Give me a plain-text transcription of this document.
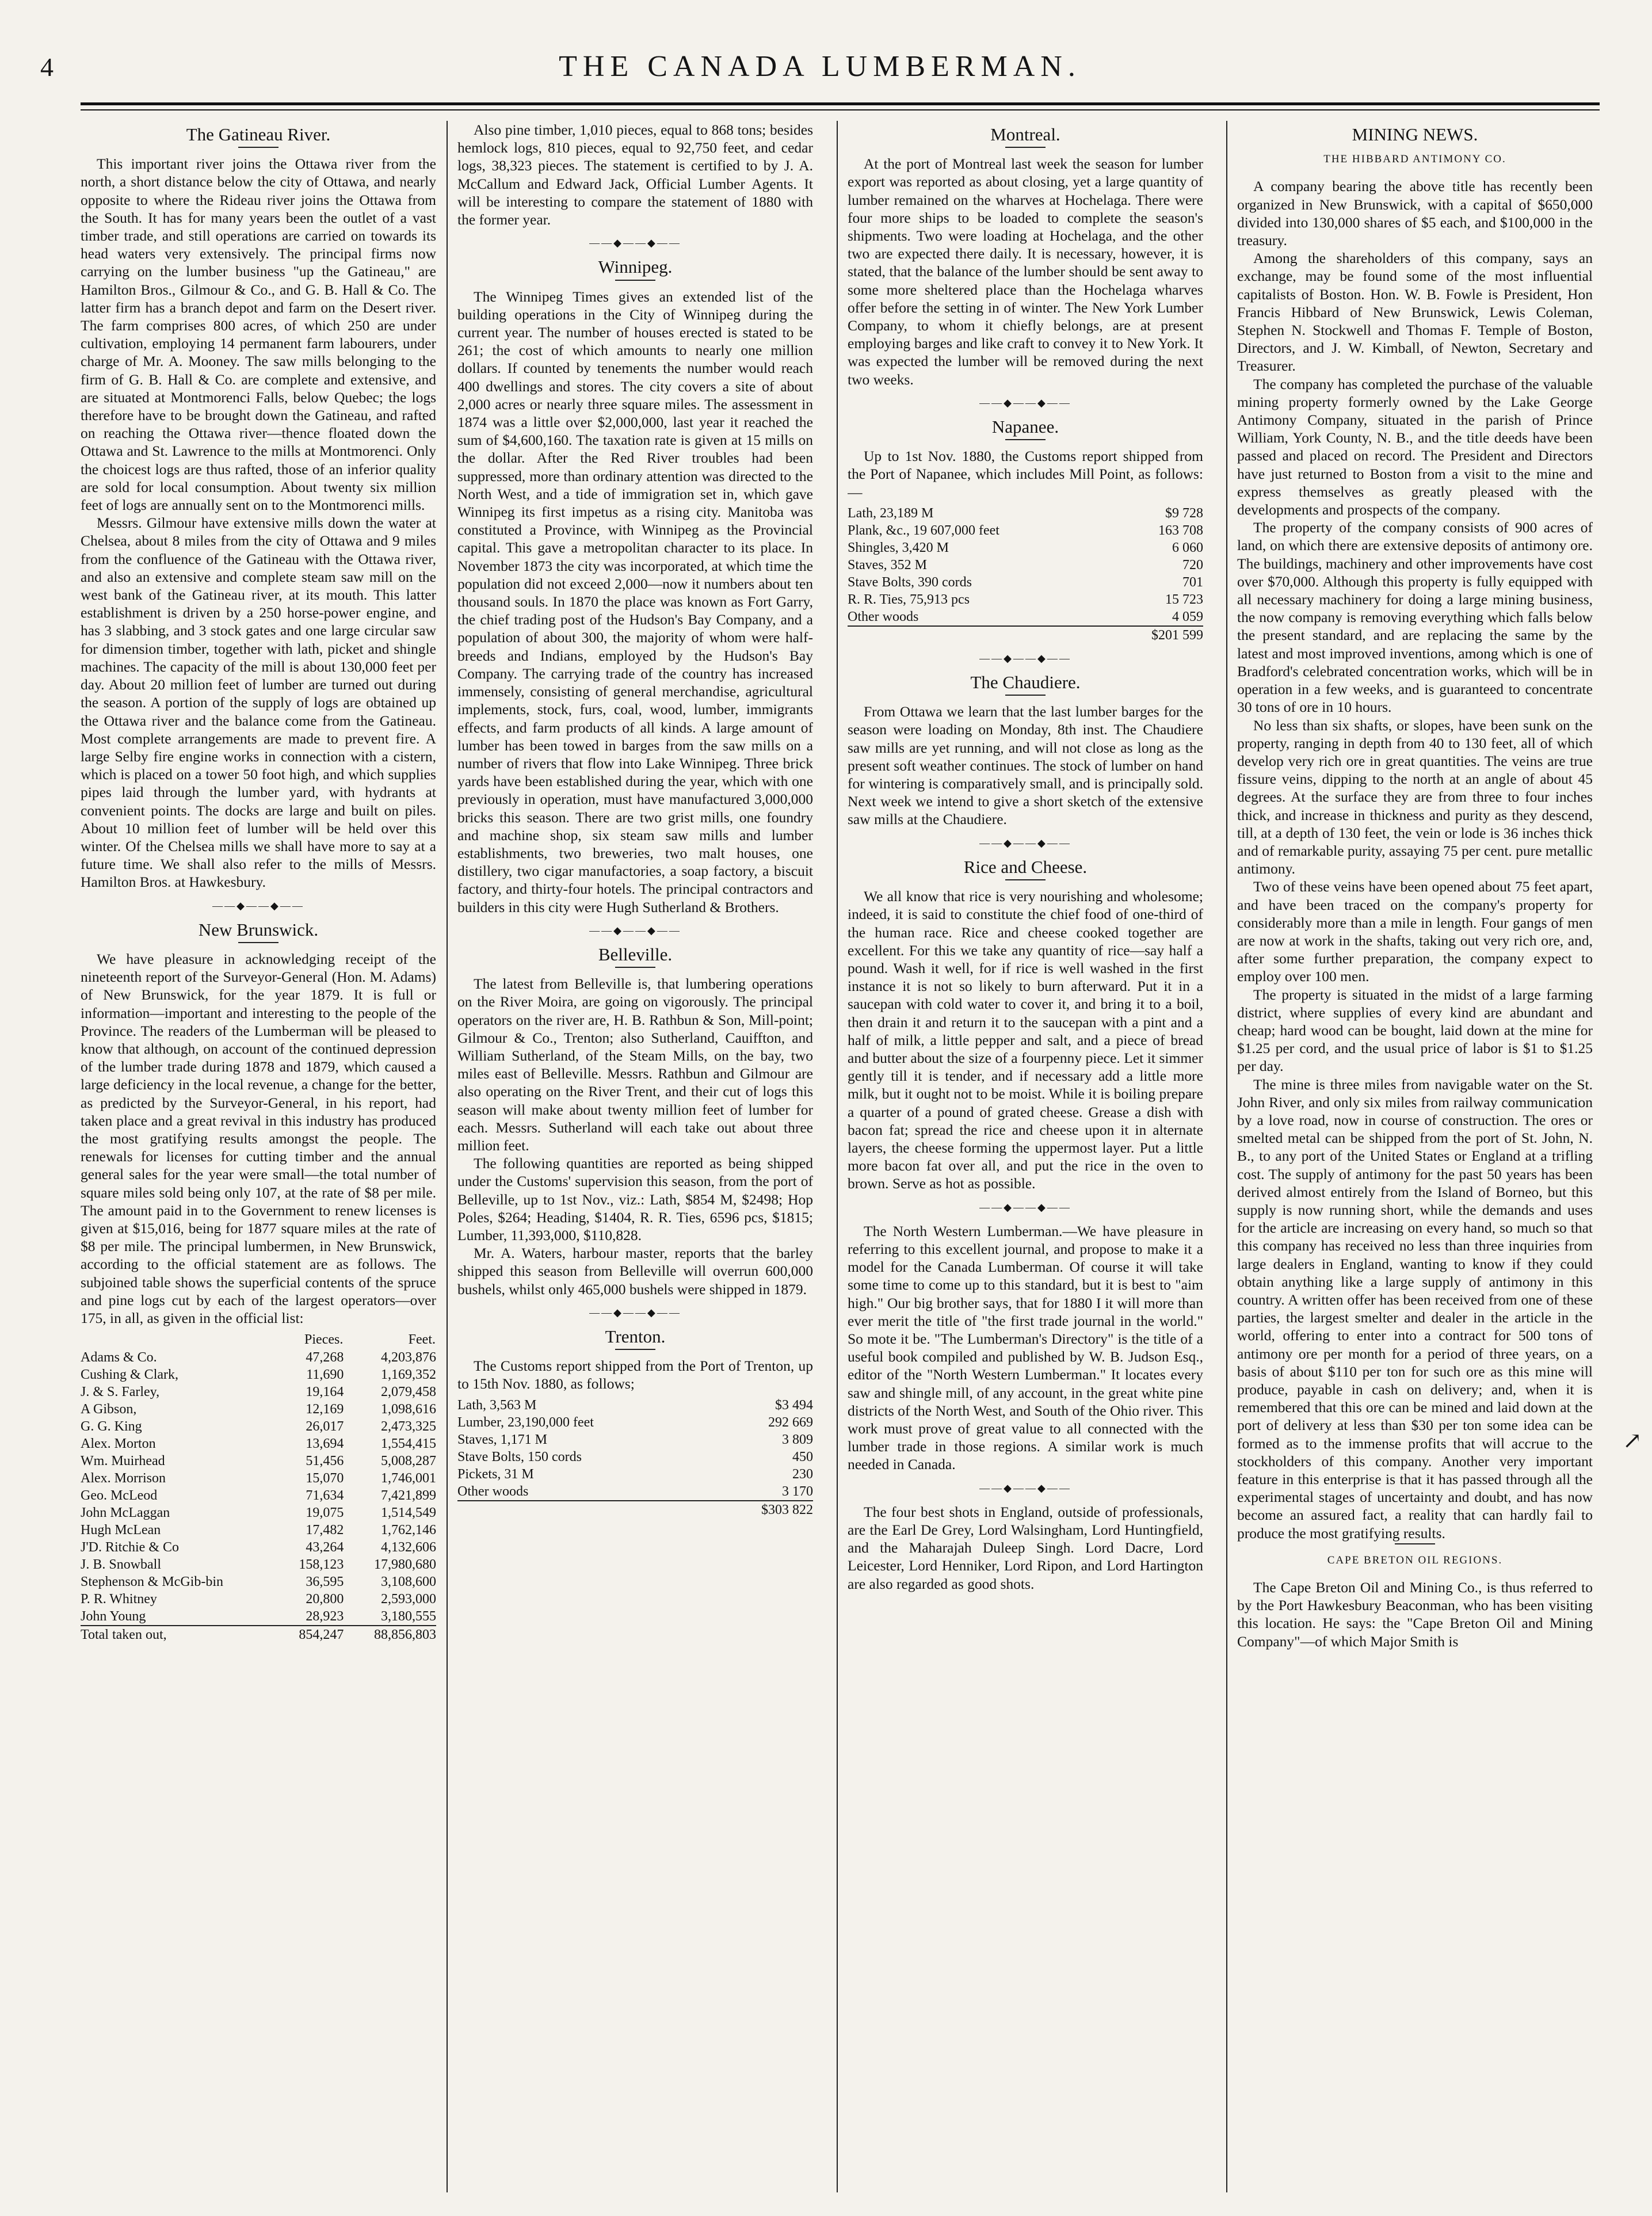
4	THE CANADA LUMBERMAN.
The Gatineau River.

This important river joins the Ottawa river from the north, a short distance below the city of Ottawa, and nearly opposite to where the Rideau river joins the Ottawa from the South. It has for many years been the outlet of a vast timber trade, and still operations are carried on towards its head waters very extensively. The principal firms now carrying on the lumber business "up the Gatineau," are Hamilton Bros., Gilmour & Co., and G. B. Hall & Co. The latter firm has a branch depot and farm on the Desert river. The farm comprises 800 acres, of which 250 are under cultivation, employing 14 permanent farm labourers, under charge of Mr. A. Mooney. The saw mills belonging to the firm of G. B. Hall & Co. are complete and extensive, and are situated at Montmorenci Falls, below Quebec; the logs therefore have to be brought down the Gatineau, and rafted on reaching the Ottawa river—thence floated down the Ottawa and St. Lawrence to the mills at Montmorenci. Only the choicest logs are thus rafted, those of an inferior quality are sold for local consumption. About twenty six million feet of logs are annually sent on to the Montmorenci mills.

Messrs. Gilmour have extensive mills down the water at Chelsea, about 8 miles from the city of Ottawa and 9 miles from the confluence of the Gatineau with the Ottawa river, and also an extensive and complete steam saw mill on the west bank of the Gatineau river, at its mouth. This latter establishment is driven by a 250 horse-power engine, and has 3 slabbing, and 3 stock gates and one large circular saw for dimension timber, together with lath, picket and shingle machines. The capacity of the mill is about 130,000 feet per day. About 20 million feet of lumber are turned out during the season. A portion of the supply of logs are obtained up the Ottawa river and the balance come from the Gatineau. Most complete arrangements are made to prevent fire. A large Selby fire engine works in connection with a cistern, which is placed on a tower 50 foot high, and which supplies pipes laid through the lumber yard, with hydrants at convenient points. The docks are large and built on piles. About 10 million feet of lumber will be held over this winter. Of the Chelsea mills we shall have more to say at a future time. We shall also refer to the mills of Messrs. Hamilton Bros. at Hawkesbury.

——◆——◆——
New Brunswick.

We have pleasure in acknowledging receipt of the nineteenth report of the Surveyor-General (Hon. M. Adams) of New Brunswick, for the year 1879. It is full or information—important and interesting to the people of the Province. The readers of the Lumberman will be pleased to know that although, on account of the continued depression of the lumber trade during 1878 and 1879, which caused a large deficiency in the local revenue, a change for the better, as predicted by the Surveyor-General, in his report, had taken place and a great revival in this industry has produced the most gratifying results amongst the people. The renewals for licenses for cutting timber and the annual general sales for the year were small—the total number of square miles sold being only 107, at the rate of $8 per mile. The amount paid in to the Government to renew licenses is given at $15,016, being for 1877 square miles at the rate of $8 per mile. The principal lumbermen, in New Brunswick, according to the official statement are as follows. The subjoined table shows the superficial contents of the spruce and pine logs cut by each of the largest operators—over 175, in all, as given in the official list:

	Pieces.	Feet.
Adams & Co.	47,268	4,203,876
Cushing & Clark,	11,690	1,169,352
J. & S. Farley,	19,164	2,079,458
A Gibson,	12,169	1,098,616
G. G. King	26,017	2,473,325
Alex. Morton	13,694	1,554,415
Wm. Muirhead	51,456	5,008,287
Alex. Morrison	15,070	1,746,001
Geo. McLeod	71,634	7,421,899
John McLaggan	19,075	1,514,549
Hugh McLean	17,482	1,762,146
J'D. Ritchie & Co	43,264	4,132,606
J. B. Snowball	158,123	17,980,680
Stephenson & McGib-bin	36,595	3,108,600
P. R. Whitney	20,800	2,593,000
John Young	28,923	3,180,555
Total taken out,	854,247	88,856,803

Also pine timber, 1,010 pieces, equal to 868 tons; besides hemlock logs, 810 pieces, equal to 92,750 feet, and cedar logs, 38,323 pieces. The statement is certified to by J. A. McCallum and Edward Jack, Official Lumber Agents. It will be interesting to compare the statement of 1880 with the former year.

——◆——◆——
Winnipeg.

The Winnipeg Times gives an extended list of the building operations in the City of Winnipeg during the current year. The number of houses erected is stated to be 261; the cost of which amounts to nearly one million dollars. If counted by tenements the number would reach 400 dwellings and stores. The city covers a site of about 2,000 acres or nearly three square miles. The assessment in 1874 was a little over $2,000,000, last year it reached the sum of $4,600,160. The taxation rate is given at 15 mills on the dollar. After the Red River troubles had been suppressed, more than ordinary attention was directed to the North West, and a tide of immigration set in, which gave Winnipeg its first impetus as a rising city. Manitoba was constituted a Province, with Winnipeg as the Provincial capital. This gave a metropolitan character to its place. In November 1873 the city was incorporated, at which time the population did not exceed 2,000—now it numbers about ten thousand souls. In 1870 the place was known as Fort Garry, the chief trading post of the Hudson's Bay Company, and a population of about 300, the majority of whom were half-breeds and Indians, employed by the Hudson's Bay Company. The carrying trade of the country has increased immensely, consisting of general merchandise, agricultural implements, stock, furs, coal, wood, lumber, immigrants effects, and farm products of all kinds. A large amount of lumber has been towed in barges from the saw mills on a number of rivers that flow into Lake Winnipeg. Three brick yards have been established during the year, which with one previously in operation, must have manufactured 3,000,000 bricks this season. There are two grist mills, one foundry and machine shop, six steam saw mills and lumber establishments, two breweries, two malt houses, one distillery, two cigar manufactories, a soap factory, a biscuit factory, and thirty-four hotels. The principal contractors and builders in this city were Hugh Sutherland & Brothers.

——◆——◆——
Belleville.

The latest from Belleville is, that lumbering operations on the River Moira, are going on vigorously. The principal operators on the river are, H. B. Rathbun & Son, Mill-point; Gilmour & Co., Trenton; also Sutherland, Cauiffton, and William Sutherland, of the Steam Mills, on the bay, two miles east of Belleville. Messrs. Rathbun and Gilmour are also operating on the River Trent, and their cut of logs this season will make about twenty million feet of lumber for each. Messrs. Sutherland will each take out about three million feet.

The following quantities are reported as being shipped under the Customs' supervision this season, from the port of Belleville, up to 1st Nov., viz.: Lath, $854 M, $2498; Hop Poles, $264; Heading, $1404, R. R. Ties, 6596 pcs, $1815; Lumber, 11,393,000, $110,828.

Mr. A. Waters, harbour master, reports that the barley shipped this season from Belleville will overrun 600,000 bushels, whilst only 465,000 bushels were shipped in 1879.

——◆——◆——
Trenton.

The Customs report shipped from the Port of Trenton, up to 15th Nov. 1880, as follows;

Lath, 3,563 M	$3 494
Lumber, 23,190,000 feet	292 669
Staves, 1,171 M	3 809
Stave Bolts, 150 cords	450
Pickets, 31 M	230
Other woods	3 170
	$303 822
Montreal.

At the port of Montreal last week the season for lumber export was reported as about closing, yet a large quantity of lumber remained on the wharves at Hochelaga. There were four more ships to be loaded to complete the season's shipments. Two were loading at Hochelaga, and the other two are expected there daily. It is necessary, however, it is stated, that the balance of the lumber should be sent away to some more sheltered place than the Hochelaga wharves offer before the setting in of winter. The New York Lumber Company, to whom it chiefly belongs, are at present employing barges and like craft to convey it to New York. It was expected the lumber will be removed during the next two weeks.

——◆——◆——
Napanee.

Up to 1st Nov. 1880, the Customs report shipped from the Port of Napanee, which includes Mill Point, as follows:—

Lath, 23,189 M	$9 728
Plank, &c., 19 607,000 feet	163 708
Shingles, 3,420 M	6 060
Staves, 352 M	720
Stave Bolts, 390 cords	701
R. R. Ties, 75,913 pcs	15 723
Other woods	4 059
	$201 599
——◆——◆——
The Chaudiere.

From Ottawa we learn that the last lumber barges for the season were loading on Monday, 8th inst. The Chaudiere saw mills are yet running, and will not close as long as the present soft weather continues. The stock of lumber on hand for wintering is comparatively small, and is principally sold. Next week we intend to give a short sketch of the extensive saw mills at the Chaudiere.

——◆——◆——
Rice and Cheese.

We all know that rice is very nourishing and wholesome; indeed, it is said to constitute the chief food of one-third of the human race. Rice and cheese cooked together are excellent. For this we take any quantity of rice—say half a pound. Wash it well, for if rice is well washed in the first instance it is not so likely to burn afterward. Put it in a saucepan with cold water to cover it, and bring it to a boil, then drain it and return it to the saucepan with a pint and a half of milk, a little pepper and salt, and a piece of bread and butter about the size of a fourpenny piece. Let it simmer gently till it is tender, and if necessary add a little more milk, but it ought not to be moist. While it is boiling prepare a quarter of a pound of grated cheese. Grease a dish with bacon fat; spread the rice and cheese upon it in alternate layers, the cheese forming the uppermost layer. Put a little more bacon fat over all, and put the rice in the oven to brown. Serve as hot as possible.

——◆——◆——

The North Western Lumberman.—We have pleasure in referring to this excellent journal, and propose to make it a model for the Canada Lumberman. Of course it will take some time to come up to this standard, but it is best to "aim high." Our big brother says, that for 1880 I it will more than ever merit the title of "the first trade journal in the world." So mote it be. "The Lumberman's Directory" is the title of a useful book compiled and published by W. B. Judson Esq., editor of the "North Western Lumberman." It locates every saw and shingle mill, of any account, in the great white pine districts of the North West, and South of the Ohio river. This work must prove of great value to all connected with the lumber trade in those regions. A similar work is much needed in Canada.

——◆——◆——

The four best shots in England, outside of professionals, are the Earl De Grey, Lord Walsingham, Lord Huntingfield, and the Maharajah Duleep Singh. Lord Dacre, Lord Leicester, Lord Henniker, Lord Ripon, and Lord Hartington are also regarded as good shots.

MINING NEWS.
THE HIBBARD ANTIMONY CO.

A company bearing the above title has recently been organized in New Brunswick, with a capital of $650,000 divided into 130,000 shares of $5 each, and $100,000 in the treasury.

Among the shareholders of this company, says an exchange, may be found some of the most influential capitalists of Boston. Hon. W. B. Fowle is President, Hon Francis Hibbard of New Brunswick, Lewis Coleman, Stephen N. Stockwell and Thomas F. Temple of Boston, Directors, and J. W. Kimball, of Newton, Secretary and Treasurer.

The company has completed the purchase of the valuable mining property formerly owned by the Lake George Antimony Company, situated in the parish of Prince William, York County, N. B., and the title deeds have been passed and placed on record. The President and Directors have just returned to Boston from a visit to the mine and express themselves as greatly pleased with the developments and prospects of the company.

The property of the company consists of 900 acres of land, on which there are extensive deposits of antimony ore. The buildings, machinery and other improvements have cost over $70,000. Although this property is fully equipped with all necessary machinery for doing a large mining business, the now company is removing everything which falls below the present standard, and are replacing the same by the latest and most improved inventions, among which is one of Bradford's celebrated concentration works, which will be in operation in a few weeks, and is guaranteed to concentrate 30 tons of ore in 10 hours.

No less than six shafts, or slopes, have been sunk on the property, ranging in depth from 40 to 130 feet, all of which develop very rich ore in great quantities. The veins are true fissure veins, dipping to the north at an angle of about 45 degrees. At the surface they are from three to four inches thick, and increase in thickness and purity as they descend, till, at a depth of 130 feet, the vein or lode is 36 inches thick and of remarkable purity, assaying 75 per cent. pure metallic antimony.

Two of these veins have been opened about 75 feet apart, and have been traced on the company's property for considerably more than a mile in length. Four gangs of men are now at work in the shafts, taking out very rich ore, and, after some further preparation, the company expect to employ over 100 men.

The property is situated in the midst of a large farming district, where supplies of every kind are abundant and cheap; hard wood can be bought, laid down at the mine for $1.25 per cord, and the usual price of labor is $1 to $1.25 per day.

The mine is three miles from navigable water on the St. John River, and only six miles from railway communication by a love road, now in course of construction. The ores or smelted metal can be shipped from the port of St. John, N. B., to any port of the United States or England at a trifling cost. The supply of antimony for the past 50 years has been derived almost entirely from the Island of Borneo, but this supply is now running short, while the demands and uses for the article are increasing on every hand, so much so that this company has received no less than three inquiries from large dealers in England, wanting to know if they could obtain anything like a large supply of antimony in this country. A written offer has been received from one of these parties, the largest smelter and dealer in the article in the world, offering to enter into a contract for 500 tons of antimony ore per month for a period of three years, on a basis of about $110 per ton for such ore as this mine will produce, payable in cash on delivery; and, when it is remembered that this ore can be mined and laid down at the port of delivery at less than $30 per ton some idea can be formed as to the immense profits that will accrue to the stockholders of this company. Another very important feature in this enterprise is that it has passed through all the experimental stages of uncertainty and doubt, and has now become an assured fact, a reality that can hardly fail to produce the most gratifying results.

CAPE BRETON OIL REGIONS.

The Cape Breton Oil and Mining Co., is thus referred to by the Port Hawkesbury Beaconman, who has been visiting this location. He says: the "Cape Breton Oil and Mining Company"—of which Major Smith is

↗
